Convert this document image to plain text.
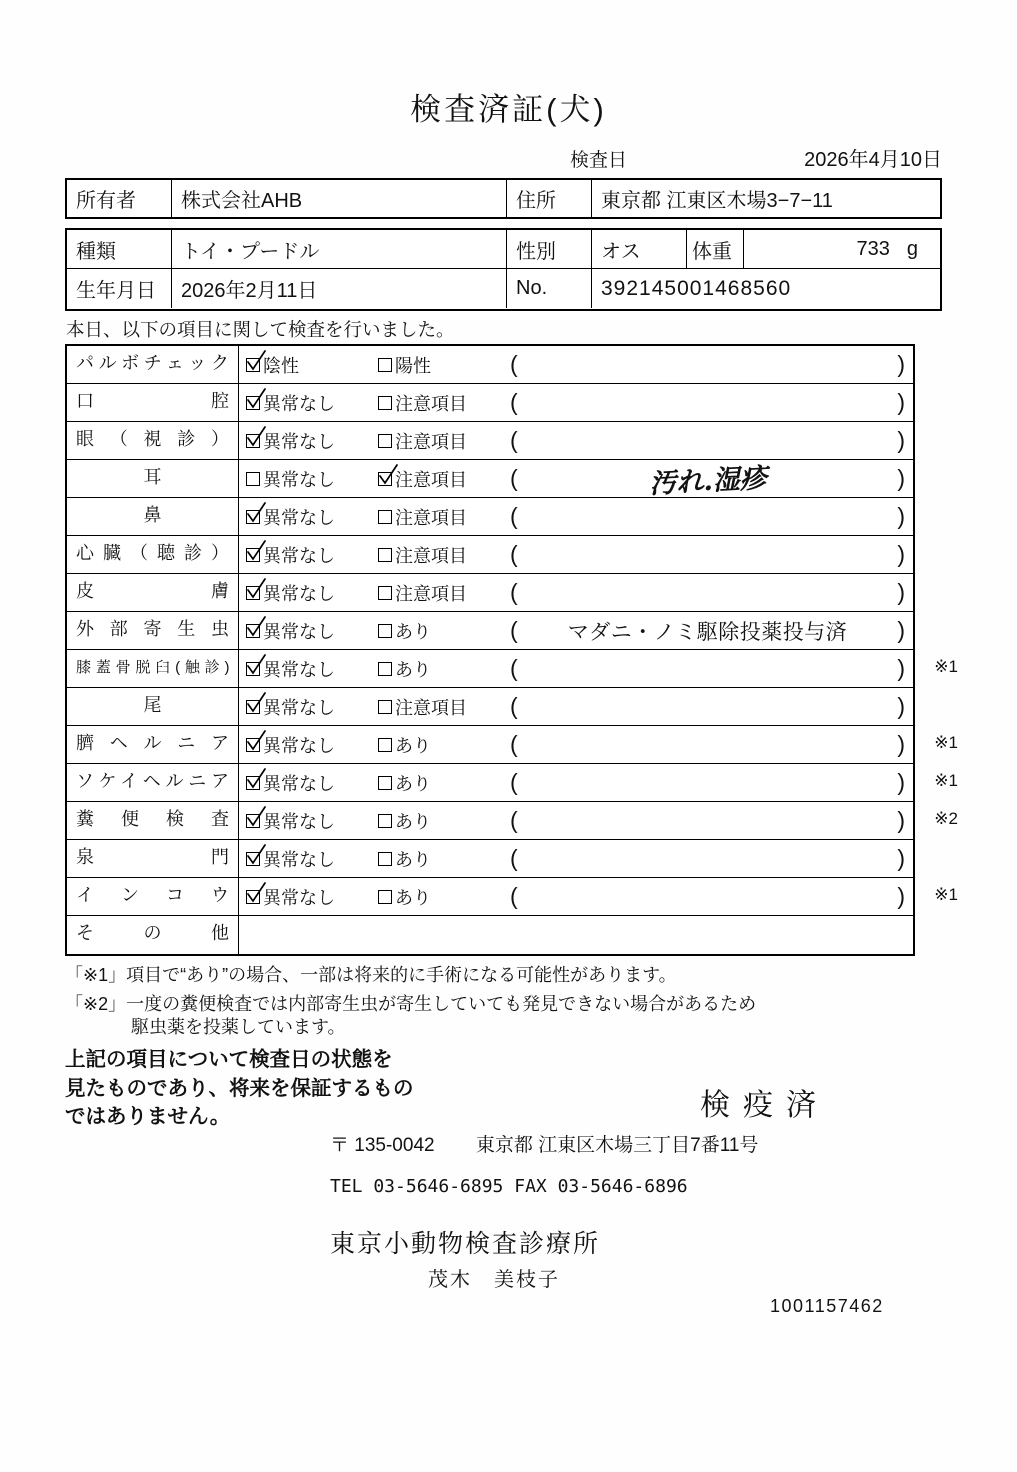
検査済証(犬)
検査日	2026年4月10日
所有者	株式会社AHB	住所	東京都 江東区木場3−7−11
種類	トイ・プードル	性別	オス	体重	733 g
生年月日	2026年2月11日	No.	392145001468560
本日、以下の項目に関して検査を行いました。
パルボチェック	陰性	陽性	(	)
口腔	異常なし	注意項目 (	)
眼（視診）	異常なし	注意項目 (	)
耳	異常なし	注意項目 (	汚れ.湿疹	)
鼻	異常なし	注意項目 (	)
心臓（聴診）	異常なし	注意項目 (	)
皮膚	異常なし	注意項目 (	)
外部寄生虫	異常なし	あり	(	マダニ・ノミ駆除投薬投与済	)
膝蓋骨脱臼(触診)	異常なし	あり	(	) ※1
尾	異常なし	注意項目 (	)
臍ヘルニア	異常なし	あり	(	) ※1
ソケイヘルニア	異常なし	あり	(	) ※1
糞便検査	異常なし	あり	(	) ※2
泉門	異常なし	あり	(	)
インコウ	異常なし	あり	(	) ※1
その他
「※1」項目で“あり”の場合、一部は将来的に手術になる可能性があります。
「※2」一度の糞便検査では内部寄生虫が寄生していても発見できない場合があるため
駆虫薬を投薬しています。
上記の項目について検査日の状態を
見たものであり、将来を保証するもの
ではありません。	検疫済
〒 135-0042 東京都 江東区木場三丁目7番11号
TEL 03-5646-6895 FAX 03-5646-6896
東京小動物検査診療所
茂木　美枝子
1001157462
